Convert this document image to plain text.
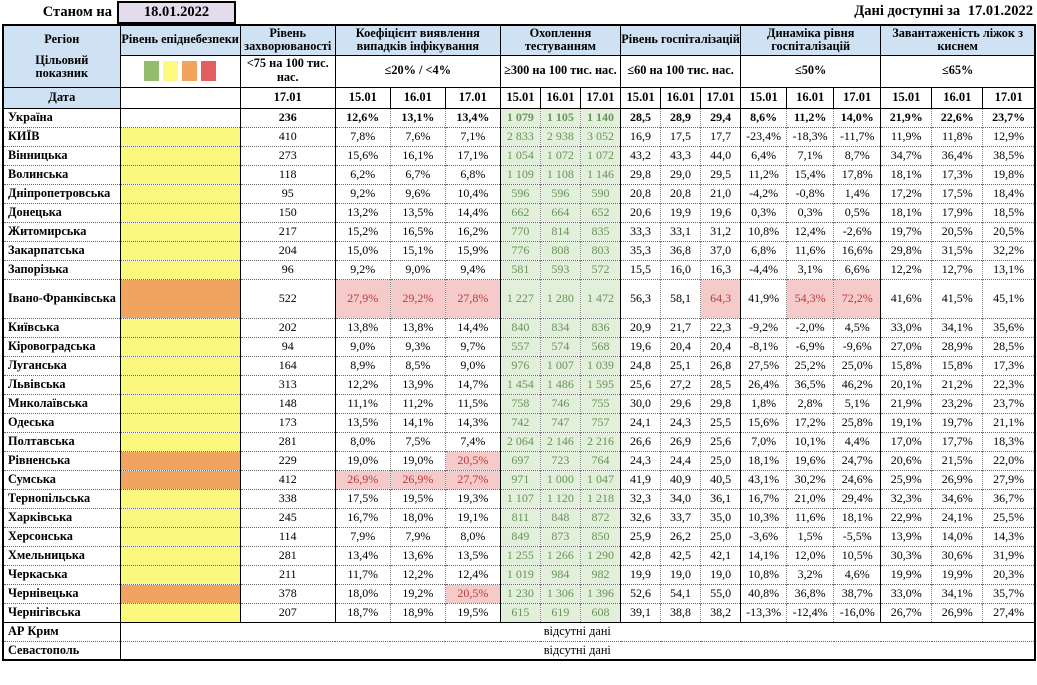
Станом на	18.01.2022	Дані доступні за 17.01.2022
Регіон
Цільовий показник	Рівень епіднебезпеки	Рівень захворюваності	Коефіцієнт виявлення випадків інфікування			Охоплення тестуванням			Рівень госпіталізацій			Динаміка рівня госпіталізацій			Завантаженість ліжок з киснем		
		<75 на 100 тис. нас.	≤20% / <4%			≥300 на 100 тис. нас.			≤60 на 100 тис. нас.			≤50%			≤65%		
Дата		17.01	15.01	16.01	17.01	15.01	16.01	17.01	15.01	16.01	17.01	15.01	16.01	17.01	15.01	16.01	17.01
Україна		236	12,6%	13,1%	13,4%	1 079	1 105	1 140	28,5	28,9	29,4	8,6%	11,2%	14,0%	21,9%	22,6%	23,7%
КИЇВ		410	7,8%	7,6%	7,1%	2 833	2 938	3 052	16,9	17,5	17,7	-23,4%	-18,3%	-11,7%	11,9%	11,8%	12,9%
Вінницька		273	15,6%	16,1%	17,1%	1 054	1 072	1 072	43,2	43,3	44,0	6,4%	7,1%	8,7%	34,7%	36,4%	38,5%
Волинська		118	6,2%	6,7%	6,8%	1 109	1 108	1 146	29,8	29,0	29,5	11,2%	15,4%	17,8%	18,1%	17,3%	19,8%
Дніпропетровська		95	9,2%	9,6%	10,4%	596	596	590	20,8	20,8	21,0	-4,2%	-0,8%	1,4%	17,2%	17,5%	18,4%
Донецька		150	13,2%	13,5%	14,4%	662	664	652	20,6	19,9	19,6	0,3%	0,3%	0,5%	18,1%	17,9%	18,5%
Житомирська		217	15,2%	16,5%	16,2%	770	814	835	33,3	33,1	31,2	10,8%	12,4%	-2,6%	19,7%	20,5%	20,5%
Закарпатська		204	15,0%	15,1%	15,9%	776	808	803	35,3	36,8	37,0	6,8%	11,6%	16,6%	29,8%	31,5%	32,2%
Запорізька		96	9,2%	9,0%	9,4%	581	593	572	15,5	16,0	16,3	-4,4%	3,1%	6,6%	12,2%	12,7%	13,1%
Івано-Франківська		522	27,9%	29,2%	27,8%	1 227	1 280	1 472	56,3	58,1	64,3	41,9%	54,3%	72,2%	41,6%	41,5%	45,1%
Київська		202	13,8%	13,8%	14,4%	840	834	836	20,9	21,7	22,3	-9,2%	-2,0%	4,5%	33,0%	34,1%	35,6%
Кіровоградська		94	9,0%	9,3%	9,7%	557	574	568	19,6	20,4	20,4	-8,1%	-6,9%	-9,6%	27,0%	28,9%	28,5%
Луганська		164	8,9%	8,5%	9,0%	976	1 007	1 039	24,8	25,1	26,8	27,5%	25,2%	25,0%	15,8%	15,8%	17,3%
Львівська		313	12,2%	13,9%	14,7%	1 454	1 486	1 595	25,6	27,2	28,5	26,4%	36,5%	46,2%	20,1%	21,2%	22,3%
Миколаївська		148	11,1%	11,2%	11,5%	758	746	755	30,0	29,6	29,8	1,8%	2,8%	5,1%	21,9%	23,2%	23,7%
Одеська		173	13,5%	14,1%	14,3%	742	747	757	24,1	24,3	25,5	15,6%	17,2%	25,8%	19,1%	19,7%	21,1%
Полтавська		281	8,0%	7,5%	7,4%	2 064	2 146	2 216	26,6	26,9	25,6	7,0%	10,1%	4,4%	17,0%	17,7%	18,3%
Рівненська		229	19,0%	19,0%	20,5%	697	723	764	24,3	24,4	25,0	18,1%	19,6%	24,7%	20,6%	21,5%	22,0%
Сумська		412	26,9%	26,9%	27,7%	971	1 000	1 047	41,9	40,9	40,5	43,1%	30,2%	24,6%	25,9%	26,9%	27,9%
Тернопільська		338	17,5%	19,5%	19,3%	1 107	1 120	1 218	32,3	34,0	36,1	16,7%	21,0%	29,4%	32,3%	34,6%	36,7%
Харківська		245	16,7%	18,0%	19,1%	811	848	872	32,6	33,7	35,0	10,3%	11,6%	18,1%	22,9%	24,1%	25,5%
Херсонська		114	7,9%	7,9%	8,0%	849	873	850	25,9	26,2	25,0	-3,6%	1,5%	-5,5%	13,9%	14,0%	14,3%
Хмельницька		281	13,4%	13,6%	13,5%	1 255	1 266	1 290	42,8	42,5	42,1	14,1%	12,0%	10,5%	30,3%	30,6%	31,9%
Черкаська		211	11,7%	12,2%	12,4%	1 019	984	982	19,9	19,0	19,0	10,8%	3,2%	4,6%	19,9%	19,9%	20,3%
Чернівецька		378	18,0%	19,2%	20,5%	1 230	1 306	1 396	52,6	54,1	55,0	40,8%	36,8%	38,7%	33,0%	34,1%	35,7%
Чернігівська		207	18,7%	18,9%	19,5%	615	619	608	39,1	38,8	38,2	-13,3%	-12,4%	-16,0%	26,7%	26,9%	27,4%
АР Крим	відсутні дані																
Севастополь	відсутні дані																
